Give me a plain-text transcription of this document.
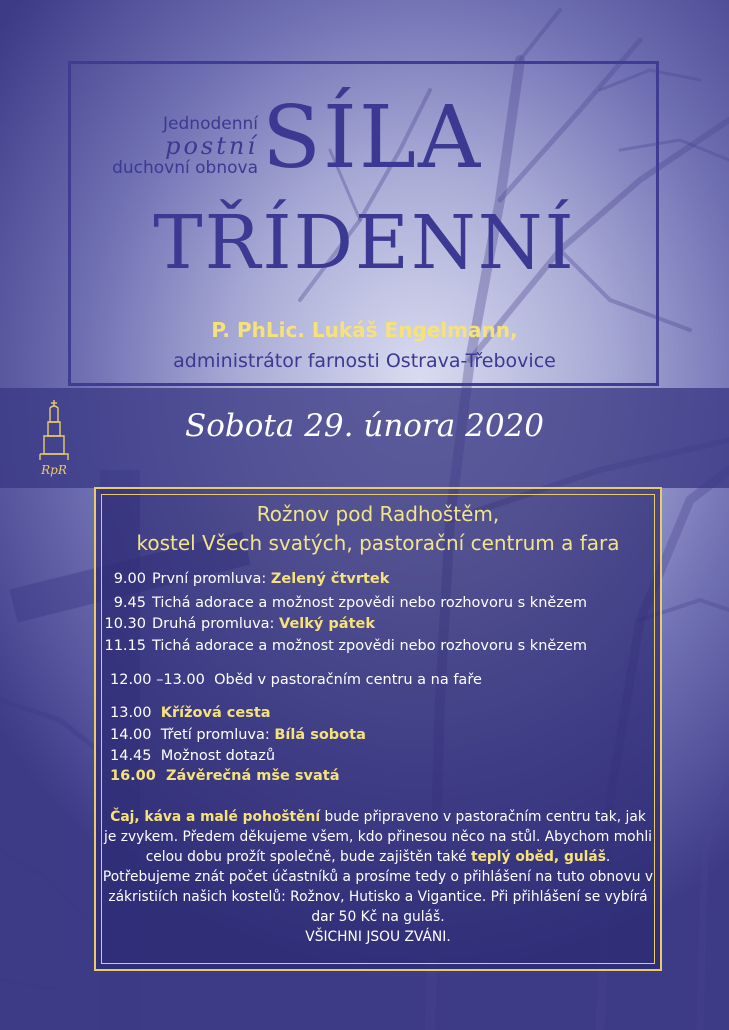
Jednodenní
postní
duchovní obnova SÍLA
TŘÍDENNÍ
P. PhLic. Lukáš Engelmann,
administrátor farnosti Ostrava-Třebovice
RpR
Sobota 29. února 2020
Rožnov pod Radhoštěm,
kostel Všech svatých, pastorační centrum a fara
9.00 První promluva: Zelený čtvrtek
9.45 Tichá adorace a možnost zpovědi nebo rozhovoru s knězem
10.30 Druhá promluva: Velký pátek
11.15 Tichá adorace a možnost zpovědi nebo rozhovoru s knězem
12.00 –13.00 Oběd v pastoračním centru a na faře
13.00 Křížová cesta
14.00 Třetí promluva: Bílá sobota
14.45 Možnost dotazů
16.00 Závěrečná mše svatá
Čaj, káva a malé pohoštění bude připraveno v pastoračním centru tak, jak je zvykem. Předem děkujeme všem, kdo přinesou něco na stůl. Abychom mohli celou dobu prožít společně, bude zajištěn také teplý oběd, guláš. Potřebujeme znát počet účastníků a prosíme tedy o přihlášení na tuto obnovu v zákristiích našich kostelů: Rožnov, Hutisko a Vigantice. Při přihlášení se vybírá dar 50 Kč na guláš.
VŠICHNI JSOU ZVÁNI.
